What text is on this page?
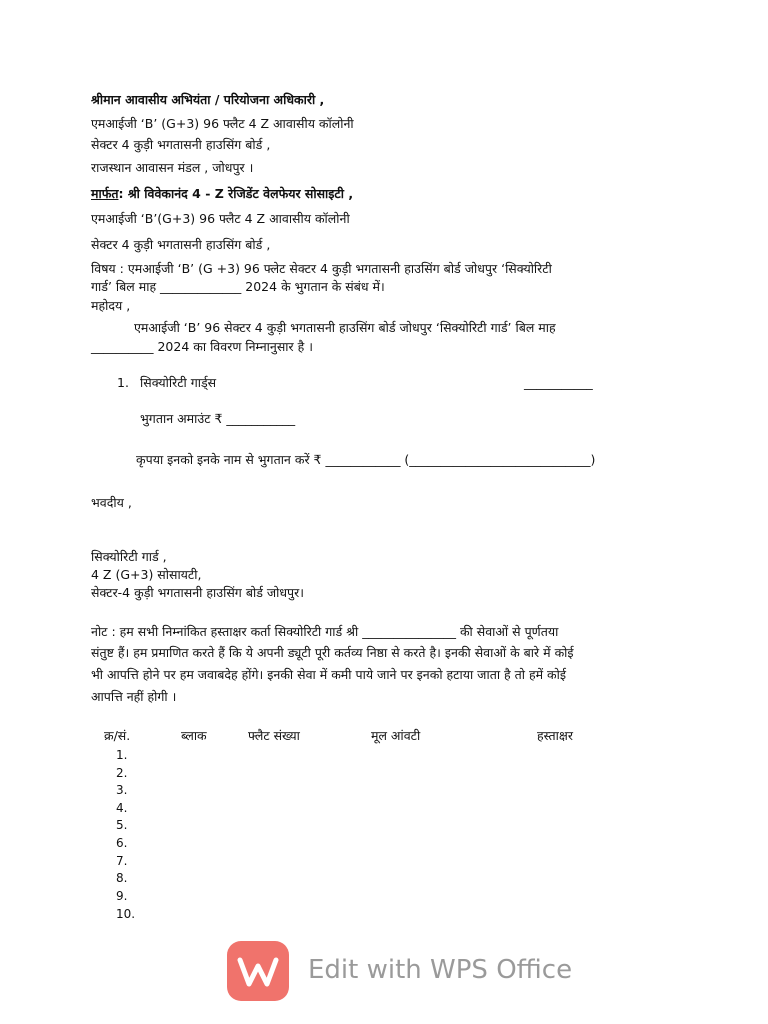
श्रीमान आवासीय अभियंता / परियोजना अधिकारी ,
एमआईजी ‘B’ (G+3) 96 फ्लैट 4 Z आवासीय कॉलोनी
सेक्टर 4 कुड़ी भगतासनी हाउसिंग बोर्ड ,
राजस्थान आवासन मंडल , जोधपुर ।
मार्फत: श्री विवेकानंद 4 - Z रेजिडेंट वेलफेयर सोसाइटी ,
एमआईजी ‘B’(G+3) 96 फ्लैट 4 Z आवासीय कॉलोनी
सेक्टर 4 कुड़ी भगतासनी हाउसिंग बोर्ड ,
विषय : एमआईजी ‘B’ (G +3) 96 फ्लेट सेक्टर 4 कुड़ी भगतासनी हाउसिंग बोर्ड जोधपुर ‘सिक्योरिटी
गार्ड’ बिल माह _____________ 2024 के भुगतान के संबंध में।
महोदय ,
एमआईजी ‘B’ 96 सेक्टर 4 कुड़ी भगतासनी हाउसिंग बोर्ड जोधपुर ‘सिक्योरिटी गार्ड’ बिल माह
__________ 2024 का विवरण निम्नानुसार है ।
1. सिक्योरिटी गार्ड्स	___________
भुगतान अमाउंट ₹ ___________
कृपया इनको इनके नाम से भुगतान करें ₹ ____________ (_____________________________)
भवदीय ,
सिक्योरिटी गार्ड ,
4 Z (G+3) सोसायटी,
सेक्टर-4 कुड़ी भगतासनी हाउसिंग बोर्ड जोधपुर।
नोट : हम सभी निम्नांकित हस्ताक्षर कर्ता सिक्योरिटी गार्ड श्री _______________ की सेवाओं से पूर्णतया
संतुष्ट हैं। हम प्रमाणित करते हैं कि ये अपनी ड्यूटी पूरी कर्तव्य निष्ठा से करते है। इनकी सेवाओं के बारे में कोई
भी आपत्ति होने पर हम जवाबदेह होंगे। इनकी सेवा में कमी पाये जाने पर इनको हटाया जाता है तो हमें कोई
आपत्ति नहीं होगी ।
क्र/सं.	ब्लाक	फ्लैट संख्या	मूल आंवटी	हस्ताक्षर
1.
2.
3.
4.
5.
6.
7.
8.
9.
10.
Edit with WPS Office
